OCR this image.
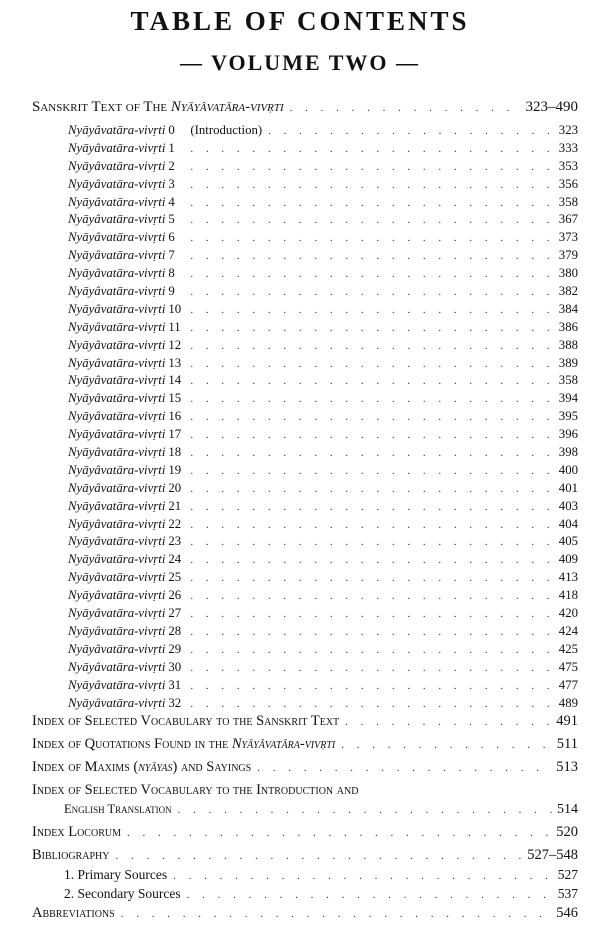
TABLE OF CONTENTS
— VOLUME TWO —
Sanskrit Text of The Nyāyâvatāra-vivṛti . . .	323–490
Nyāyâvatāra-vivṛti 0 (Introduction) . . .	323
Nyāyâvatāra-vivṛti 1 . . .	333
Nyāyâvatāra-vivṛti 2 . . .	353
Nyāyâvatāra-vivṛti 3 . . .	356
Nyāyâvatāra-vivṛti 4 . . .	358
Nyāyâvatāra-vivṛti 5 . . .	367
Nyāyâvatāra-vivṛti 6 . . .	373
Nyāyâvatāra-vivṛti 7 . . .	379
Nyāyâvatāra-vivṛti 8 . . .	380
Nyāyâvatāra-vivṛti 9 . . .	382
Nyāyâvatāra-vivṛti 10 . . .	384
Nyāyâvatāra-vivṛti 11 . . .	386
Nyāyâvatāra-vivṛti 12 . . .	388
Nyāyâvatāra-vivṛti 13 . . .	389
Nyāyâvatāra-vivṛti 14 . . .	358
Nyāyâvatāra-vivṛti 15 . . .	394
Nyāyâvatāra-vivṛti 16 . . .	395
Nyāyâvatāra-vivṛti 17 . . .	396
Nyāyâvatāra-vivṛti 18 . . .	398
Nyāyâvatāra-vivṛti 19 . . .	400
Nyāyâvatāra-vivṛti 20 . . .	401
Nyāyâvatāra-vivṛti 21 . . .	403
Nyāyâvatāra-vivṛti 22 . . .	404
Nyāyâvatāra-vivṛti 23 . . .	405
Nyāyâvatāra-vivṛti 24 . . .	409
Nyāyâvatāra-vivṛti 25 . . .	413
Nyāyâvatāra-vivṛti 26 . . .	418
Nyāyâvatāra-vivṛti 27 . . .	420
Nyāyâvatāra-vivṛti 28 . . .	424
Nyāyâvatāra-vivṛti 29 . . .	425
Nyāyâvatāra-vivṛti 30 . . .	475
Nyāyâvatāra-vivṛti 31 . . .	477
Nyāyâvatāra-vivṛti 32 . . .	489
Index of Selected Vocabulary to the Sanskrit Text . . .	491
Index of Quotations Found in the Nyāyâvatāra-vivṛti . . .	511
Index of Maxims (nyāyas) and Sayings . . .	513
Index of Selected Vocabulary to the Introduction and
English Translation . . .	514
Index Locorum . . .	520
Bibliography . . .	527–548
1. Primary Sources . . .	527
2. Secondary Sources . . .	537
Abbreviations . . .	546
